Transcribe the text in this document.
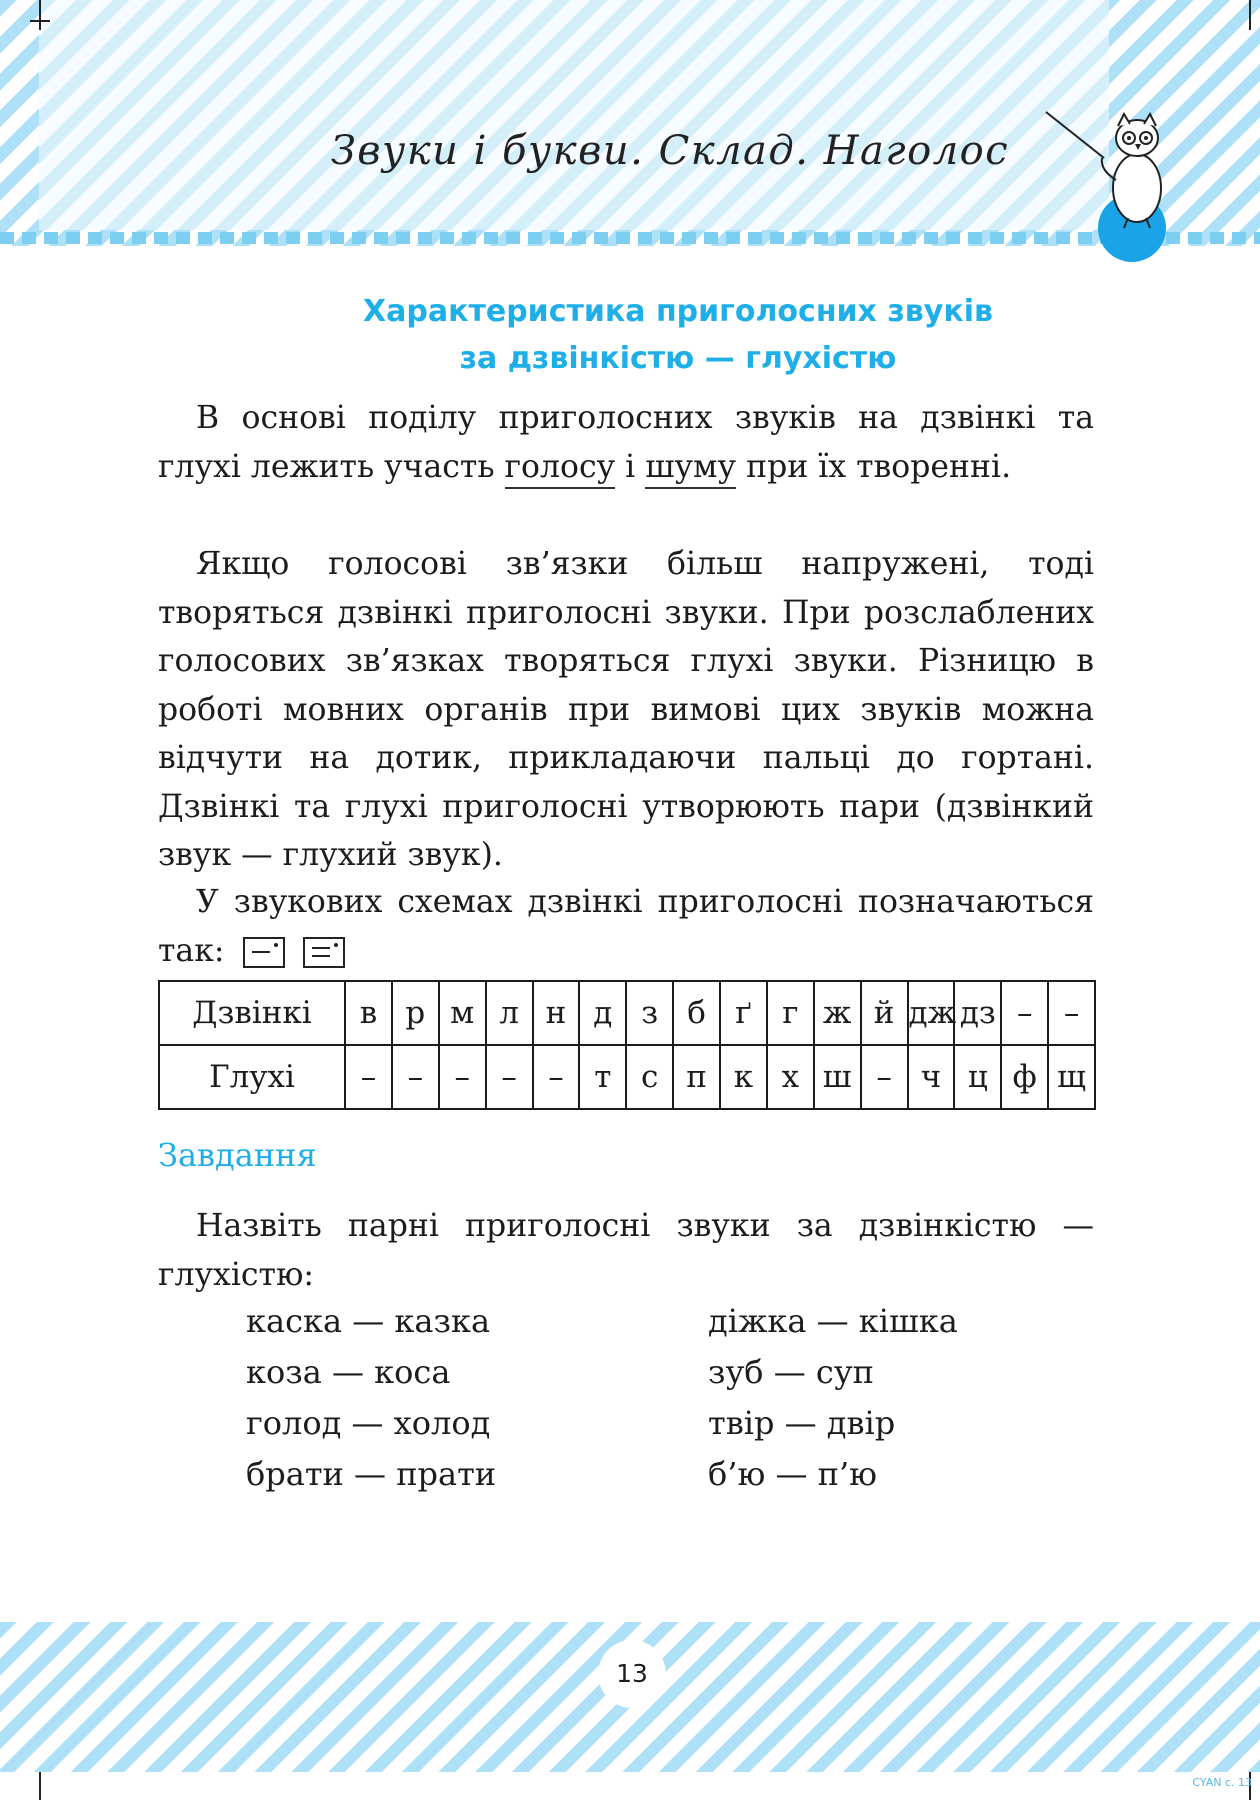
Звуки і букви. Склад. Наголос
Характеристика приголосних звуків
за дзвінкістю — глухістю

В основі поділу приголосних звуків на дзвінкі та глухі лежить участь голосу і шуму при їх творенні.

Якщо голосові зв’язки більш напружені, тоді творяться дзвінкі приголосні звуки. При розслаблених голосових зв’язках творяться глухі звуки. Різницю в роботі мовних органів при вимові цих звуків можна відчути на дотик, прикладаючи пальці до гортані. Дзвінкі та глухі приголосні утворюють пари (дзвінкий звук — глухий звук).

У звукових схемах дзвінкі приголосні позначаються так:

Дзвінкі	в	р	м	л	н	д	з	б	ґ	г	ж	й	дж	дз	–	–
Глухі	–	–	–	–	–	т	с	п	к	х	ш	–	ч	ц	ф	щ
Завдання

Назвіть парні приголосні звуки за дзвінкістю — глухістю:

каска — казка
коза — коса
голод — холод
брати — прати
діжка — кішка
зуб — суп
твір — двір
б’ю — п’ю
13
CYAN с. 13
